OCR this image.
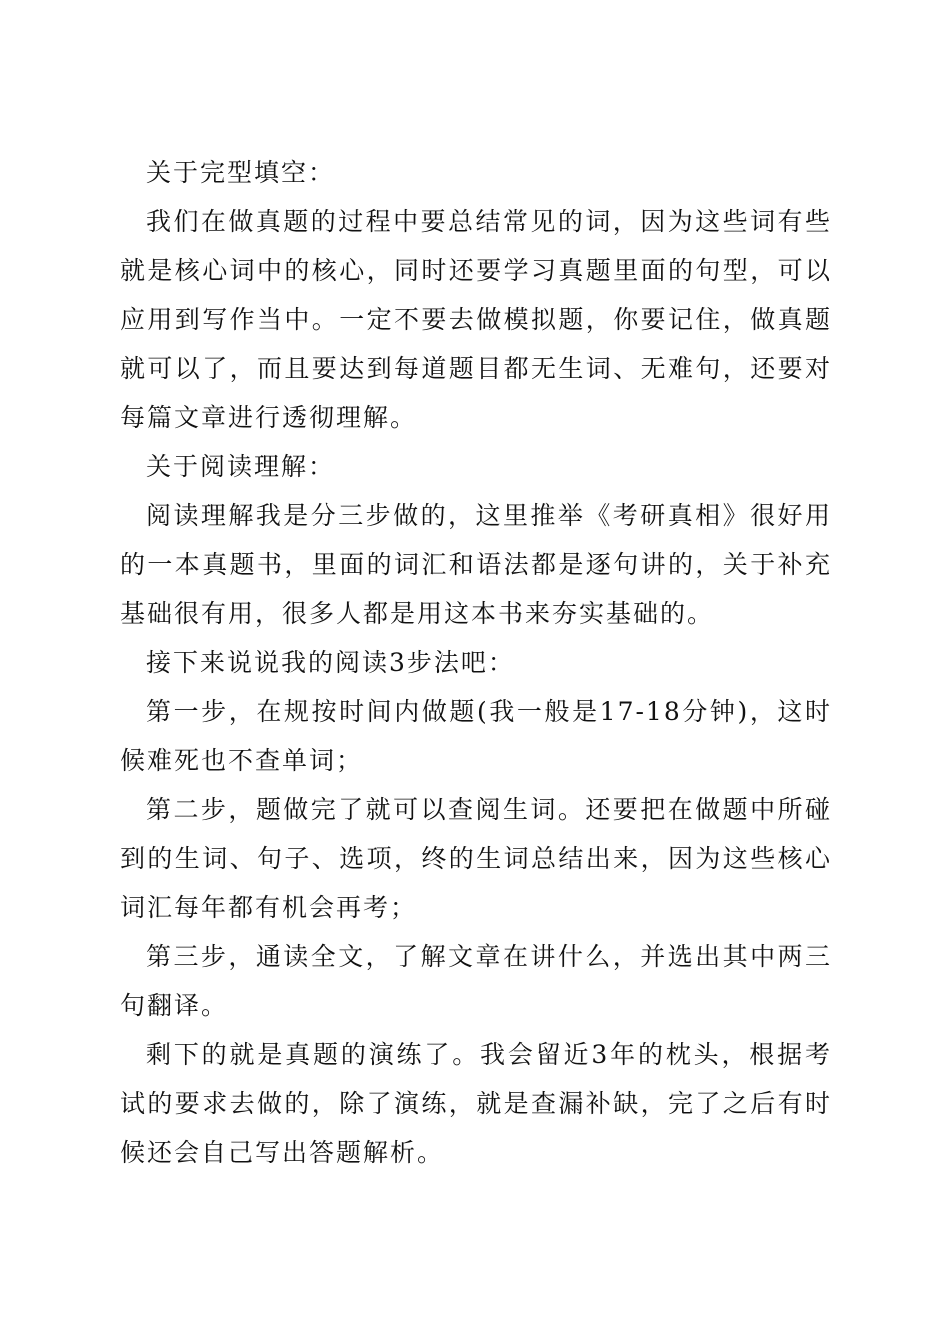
关于完型填空：

我们在做真题的过程中要总结常见的词，因为这些词有些就是核心词中的核心，同时还要学习真题里面的句型，可以应用到写作当中。一定不要去做模拟题，你要记住，做真题就可以了，而且要达到每道题目都无生词、无难句，还要对每篇文章进行透彻理解。

关于阅读理解：

阅读理解我是分三步做的，这里推举《考研真相》很好用的一本真题书，里面的词汇和语法都是逐句讲的，关于补充基础很有用，很多人都是用这本书来夯实基础的。

接下来说说我的阅读3步法吧：

第一步，在规按时间内做题(我一般是17-18分钟)，这时候难死也不查单词；

第二步，题做完了就可以查阅生词。还要把在做题中所碰到的生词、句子、选项，终的生词总结出来，因为这些核心词汇每年都有机会再考；

第三步，通读全文，了解文章在讲什么，并选出其中两三句翻译。

剩下的就是真题的演练了。我会留近3年的枕头，根据考试的要求去做的，除了演练，就是查漏补缺，完了之后有时候还会自己写出答题解析。
